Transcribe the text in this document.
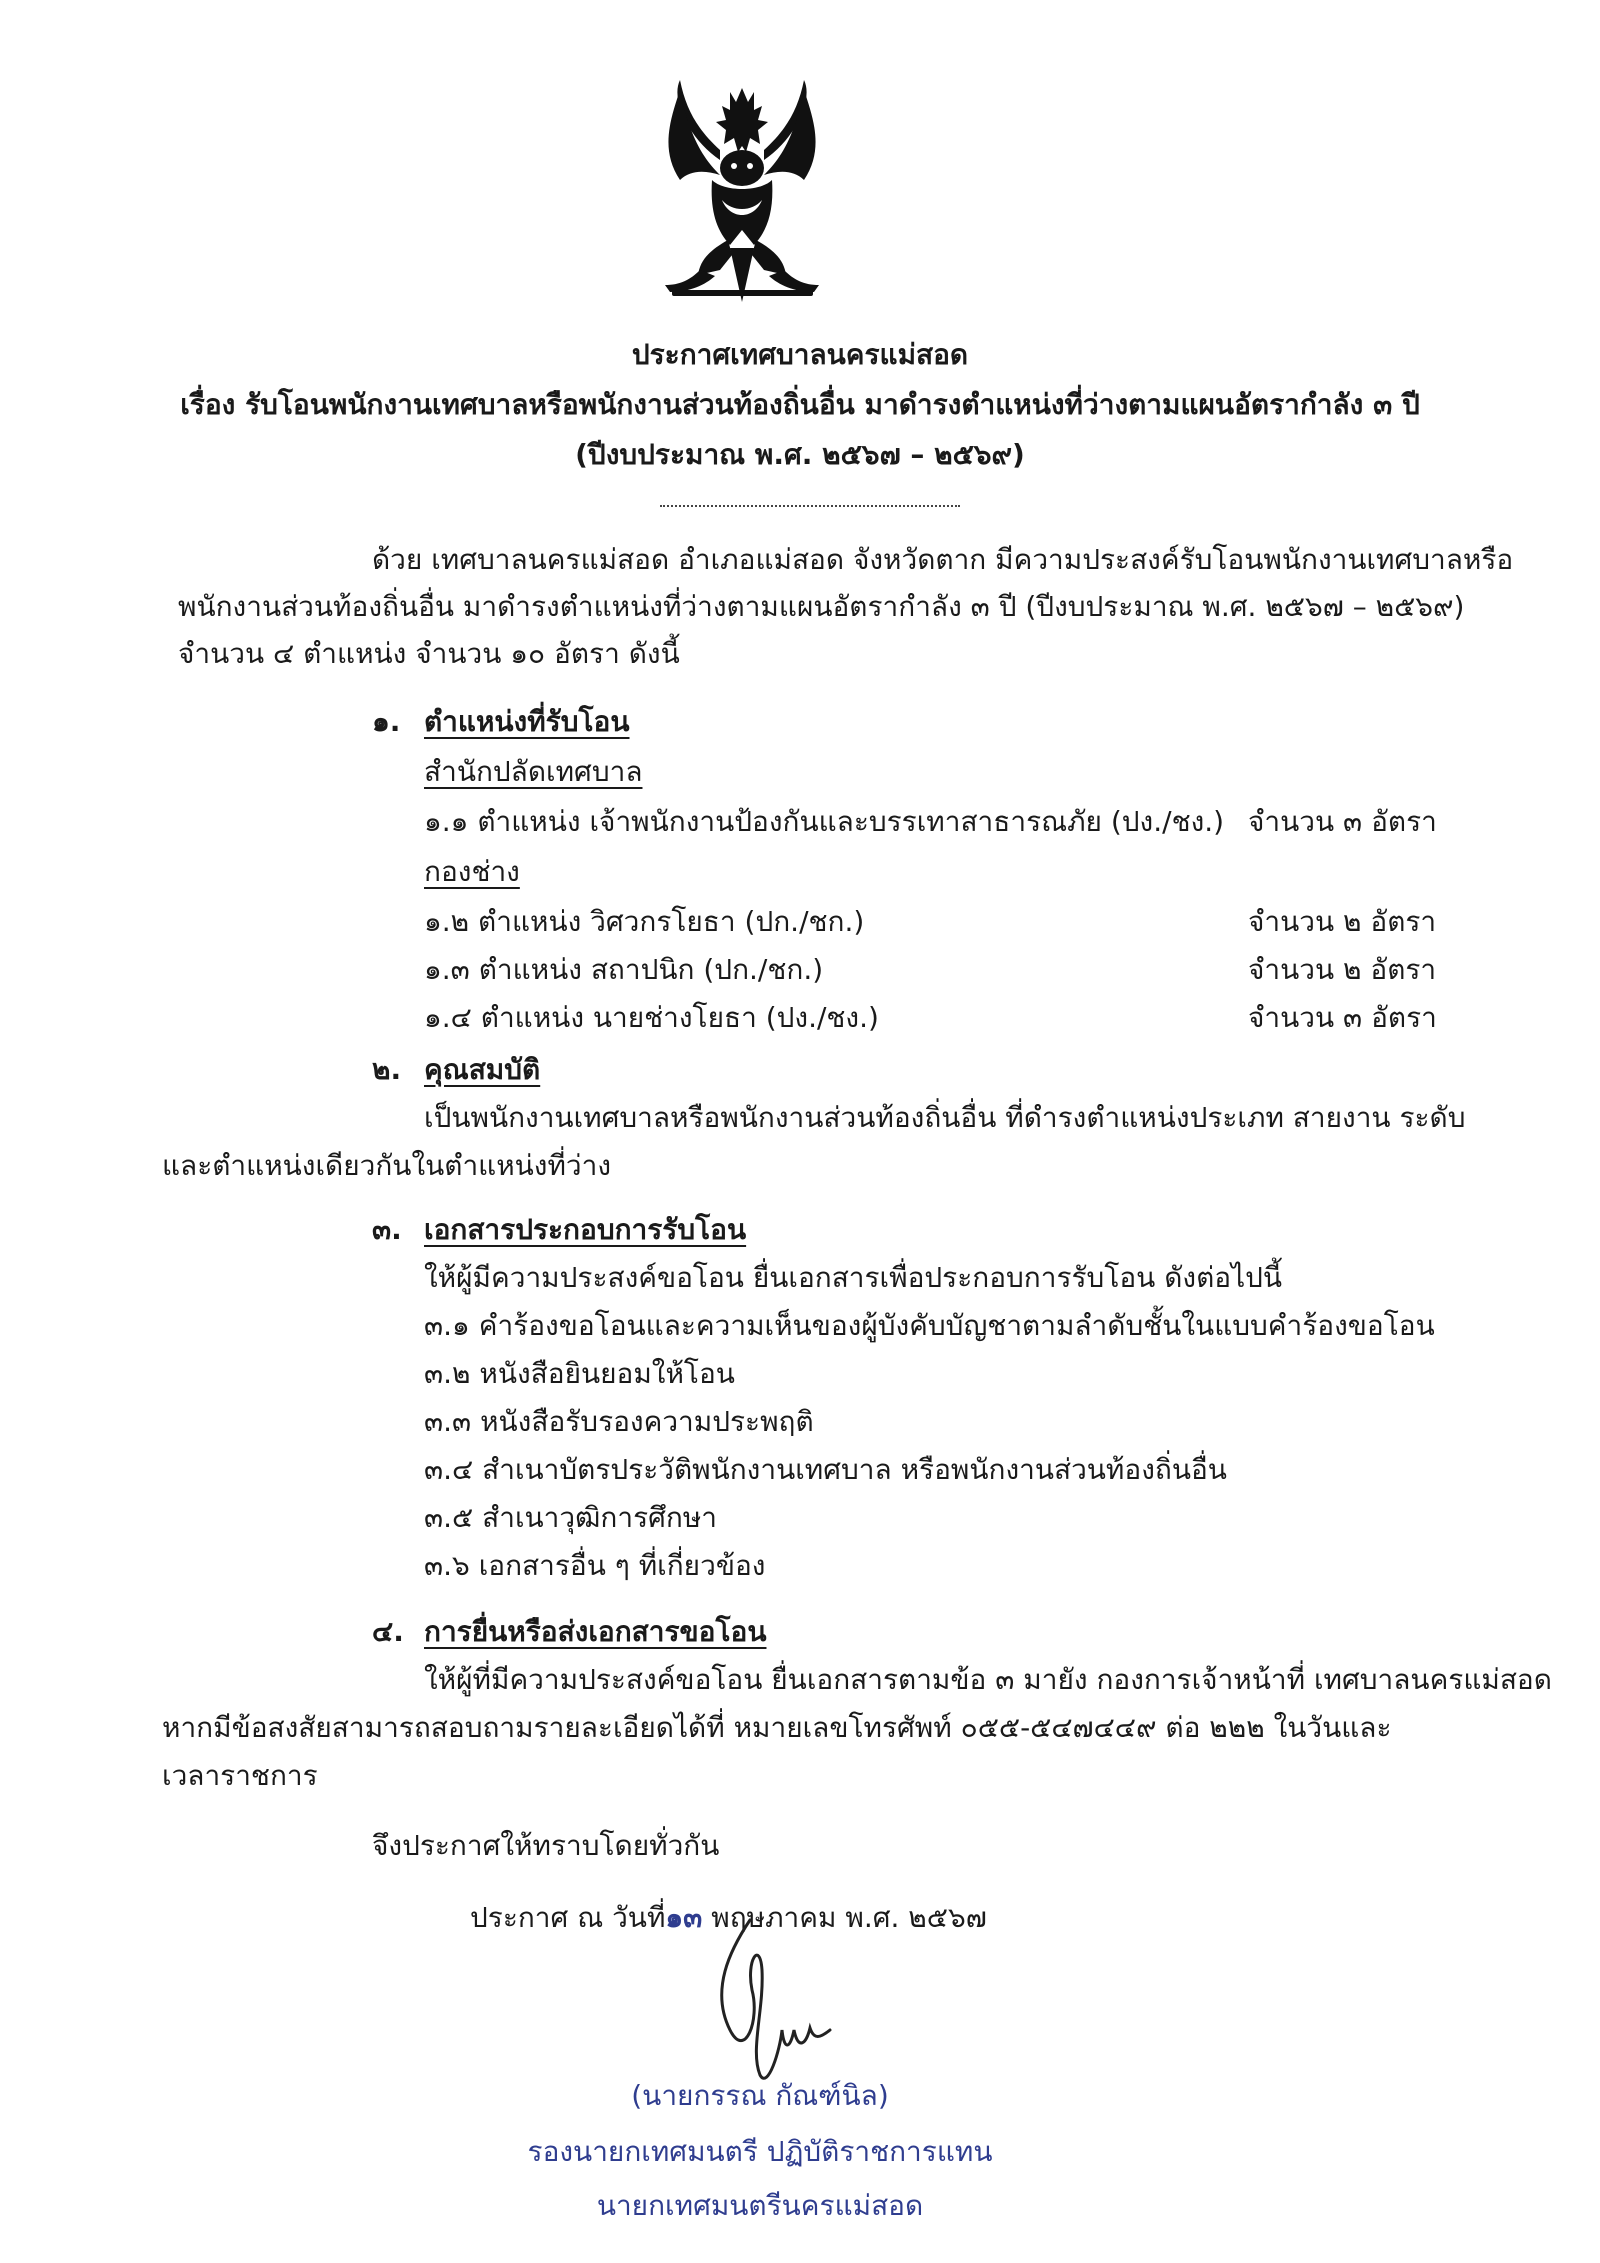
ประกาศเทศบาลนครแม่สอด
เรื่อง รับโอนพนักงานเทศบาลหรือพนักงานส่วนท้องถิ่นอื่น มาดำรงตำแหน่งที่ว่างตามแผนอัตรากำลัง ๓ ปี
(ปีงบประมาณ พ.ศ. ๒๕๖๗ – ๒๕๖๙)
ด้วย เทศบาลนครแม่สอด อำเภอแม่สอด จังหวัดตาก มีความประสงค์รับโอนพนักงานเทศบาลหรือ
พนักงานส่วนท้องถิ่นอื่น มาดำรงตำแหน่งที่ว่างตามแผนอัตรากำลัง ๓ ปี (ปีงบประมาณ พ.ศ. ๒๕๖๗ – ๒๕๖๙)
จำนวน ๔ ตำแหน่ง จำนวน ๑๐ อัตรา ดังนี้
๑. ตำแหน่งที่รับโอน
สำนักปลัดเทศบาล
๑.๑ ตำแหน่ง เจ้าพนักงานป้องกันและบรรเทาสาธารณภัย (ปง./ชง.) จำนวน ๓ อัตรา
กองช่าง
๑.๒ ตำแหน่ง วิศวกรโยธา (ปก./ชก.)	จำนวน ๒ อัตรา
๑.๓ ตำแหน่ง สถาปนิก (ปก./ชก.)	จำนวน ๒ อัตรา
๑.๔ ตำแหน่ง นายช่างโยธา (ปง./ชง.)	จำนวน ๓ อัตรา
๒. คุณสมบัติ
เป็นพนักงานเทศบาลหรือพนักงานส่วนท้องถิ่นอื่น ที่ดำรงตำแหน่งประเภท สายงาน ระดับ
และตำแหน่งเดียวกันในตำแหน่งที่ว่าง
๓. เอกสารประกอบการรับโอน
ให้ผู้มีความประสงค์ขอโอน ยื่นเอกสารเพื่อประกอบการรับโอน ดังต่อไปนี้
๓.๑ คำร้องขอโอนและความเห็นของผู้บังคับบัญชาตามลำดับชั้นในแบบคำร้องขอโอน
๓.๒ หนังสือยินยอมให้โอน
๓.๓ หนังสือรับรองความประพฤติ
๓.๔ สำเนาบัตรประวัติพนักงานเทศบาล หรือพนักงานส่วนท้องถิ่นอื่น
๓.๕ สำเนาวุฒิการศึกษา
๓.๖ เอกสารอื่น ๆ ที่เกี่ยวข้อง
๔. การยื่นหรือส่งเอกสารขอโอน
ให้ผู้ที่มีความประสงค์ขอโอน ยื่นเอกสารตามข้อ ๓ มายัง กองการเจ้าหน้าที่ เทศบาลนครแม่สอด
หากมีข้อสงสัยสามารถสอบถามรายละเอียดได้ที่ หมายเลขโทรศัพท์ ๐๕๕-๕๔๗๔๔๙ ต่อ ๒๒๒ ในวันและ
เวลาราชการ
จึงประกาศให้ทราบโดยทั่วกัน
ประกาศ ณ วันที่๑๓ พฤษภาคม พ.ศ. ๒๕๖๗
(นายกรรณ กัณฑ์นิล)
รองนายกเทศมนตรี ปฏิบัติราชการแทน
นายกเทศมนตรีนครแม่สอด
